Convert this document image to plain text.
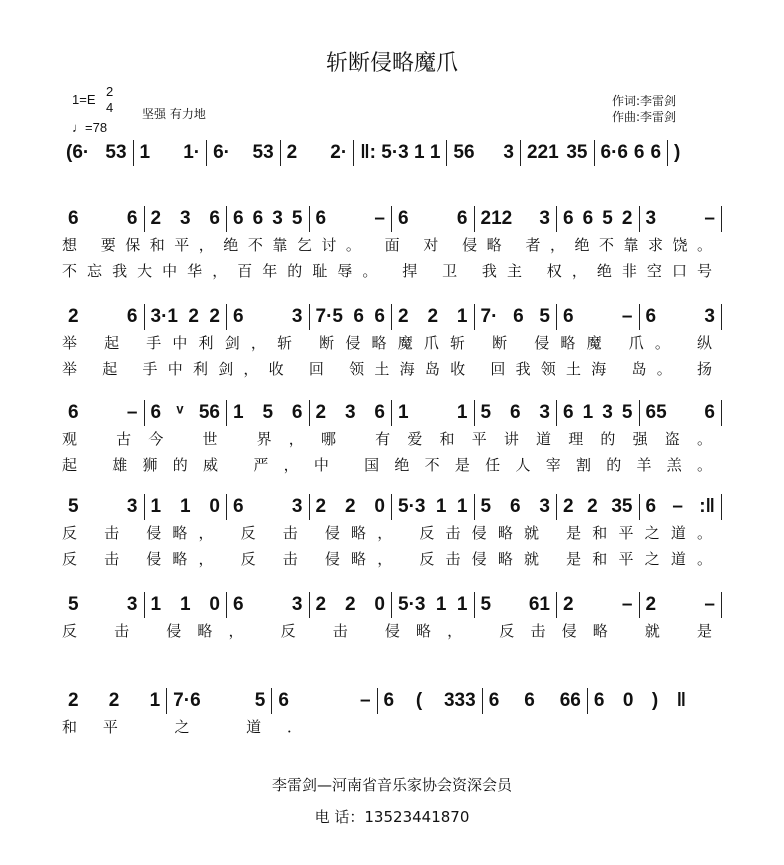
斩断侵略魔爪
1=E
2
4
♩=78
坚强 有力地
作词:李雷剑
作曲:李雷剑
(6· 53 1 1· 6· 53 2 2· ‖: 5·3 1 1 56 3 221 35 6·6 6 6 )
6 6 2 3 6 6 6 3 5 6 – 6 6 212 3 6 6 5 2 3 –
想 要保和平，绝不靠乞讨。 面 对 侵略 者，绝不靠求饶。
不忘我大中华，百年的耻辱。 捍 卫 我主 权，绝非空口号
2 6 3·1 2 2 6 3 7·5 6 6 2 2 1 7· 6 5 6 – 6 3
举 起 手中利剑，斩 断侵略魔爪斩 断 侵略魔 爪。 纵
举 起 手中利剑，收 回 领土海岛收 回我领土海 岛。 扬
6 – 6 ᵛ 56 1 5 6 2 3 6 1 1 5 6 3 6 1 3 5 65 6
观 古今 世 界，哪 有爱和平讲道理的强盗。
起 雄狮的威 严，中 国绝不是任人宰割的羊羔。
5 3 1 1 0 6 3 2 2 0 5·3 1 1 5 6 3 2 2 35 6 – :‖
反 击 侵略， 反 击 侵略， 反击侵略就 是和平之道。
反 击 侵略， 反 击 侵略， 反击侵略就 是和平之道。
5 3 1 1 0 6 3 2 2 0 5·3 1 1 5 61 2 – 2 –
反 击 侵略， 反 击 侵略， 反击侵略 就 是
2 2 1 7·6 5 6 – 6 ( 333 6 6 66 6 0 ) ‖
和平 之 道．
李雷剑—河南省音乐家协会资深会员
电 话：13523441870
